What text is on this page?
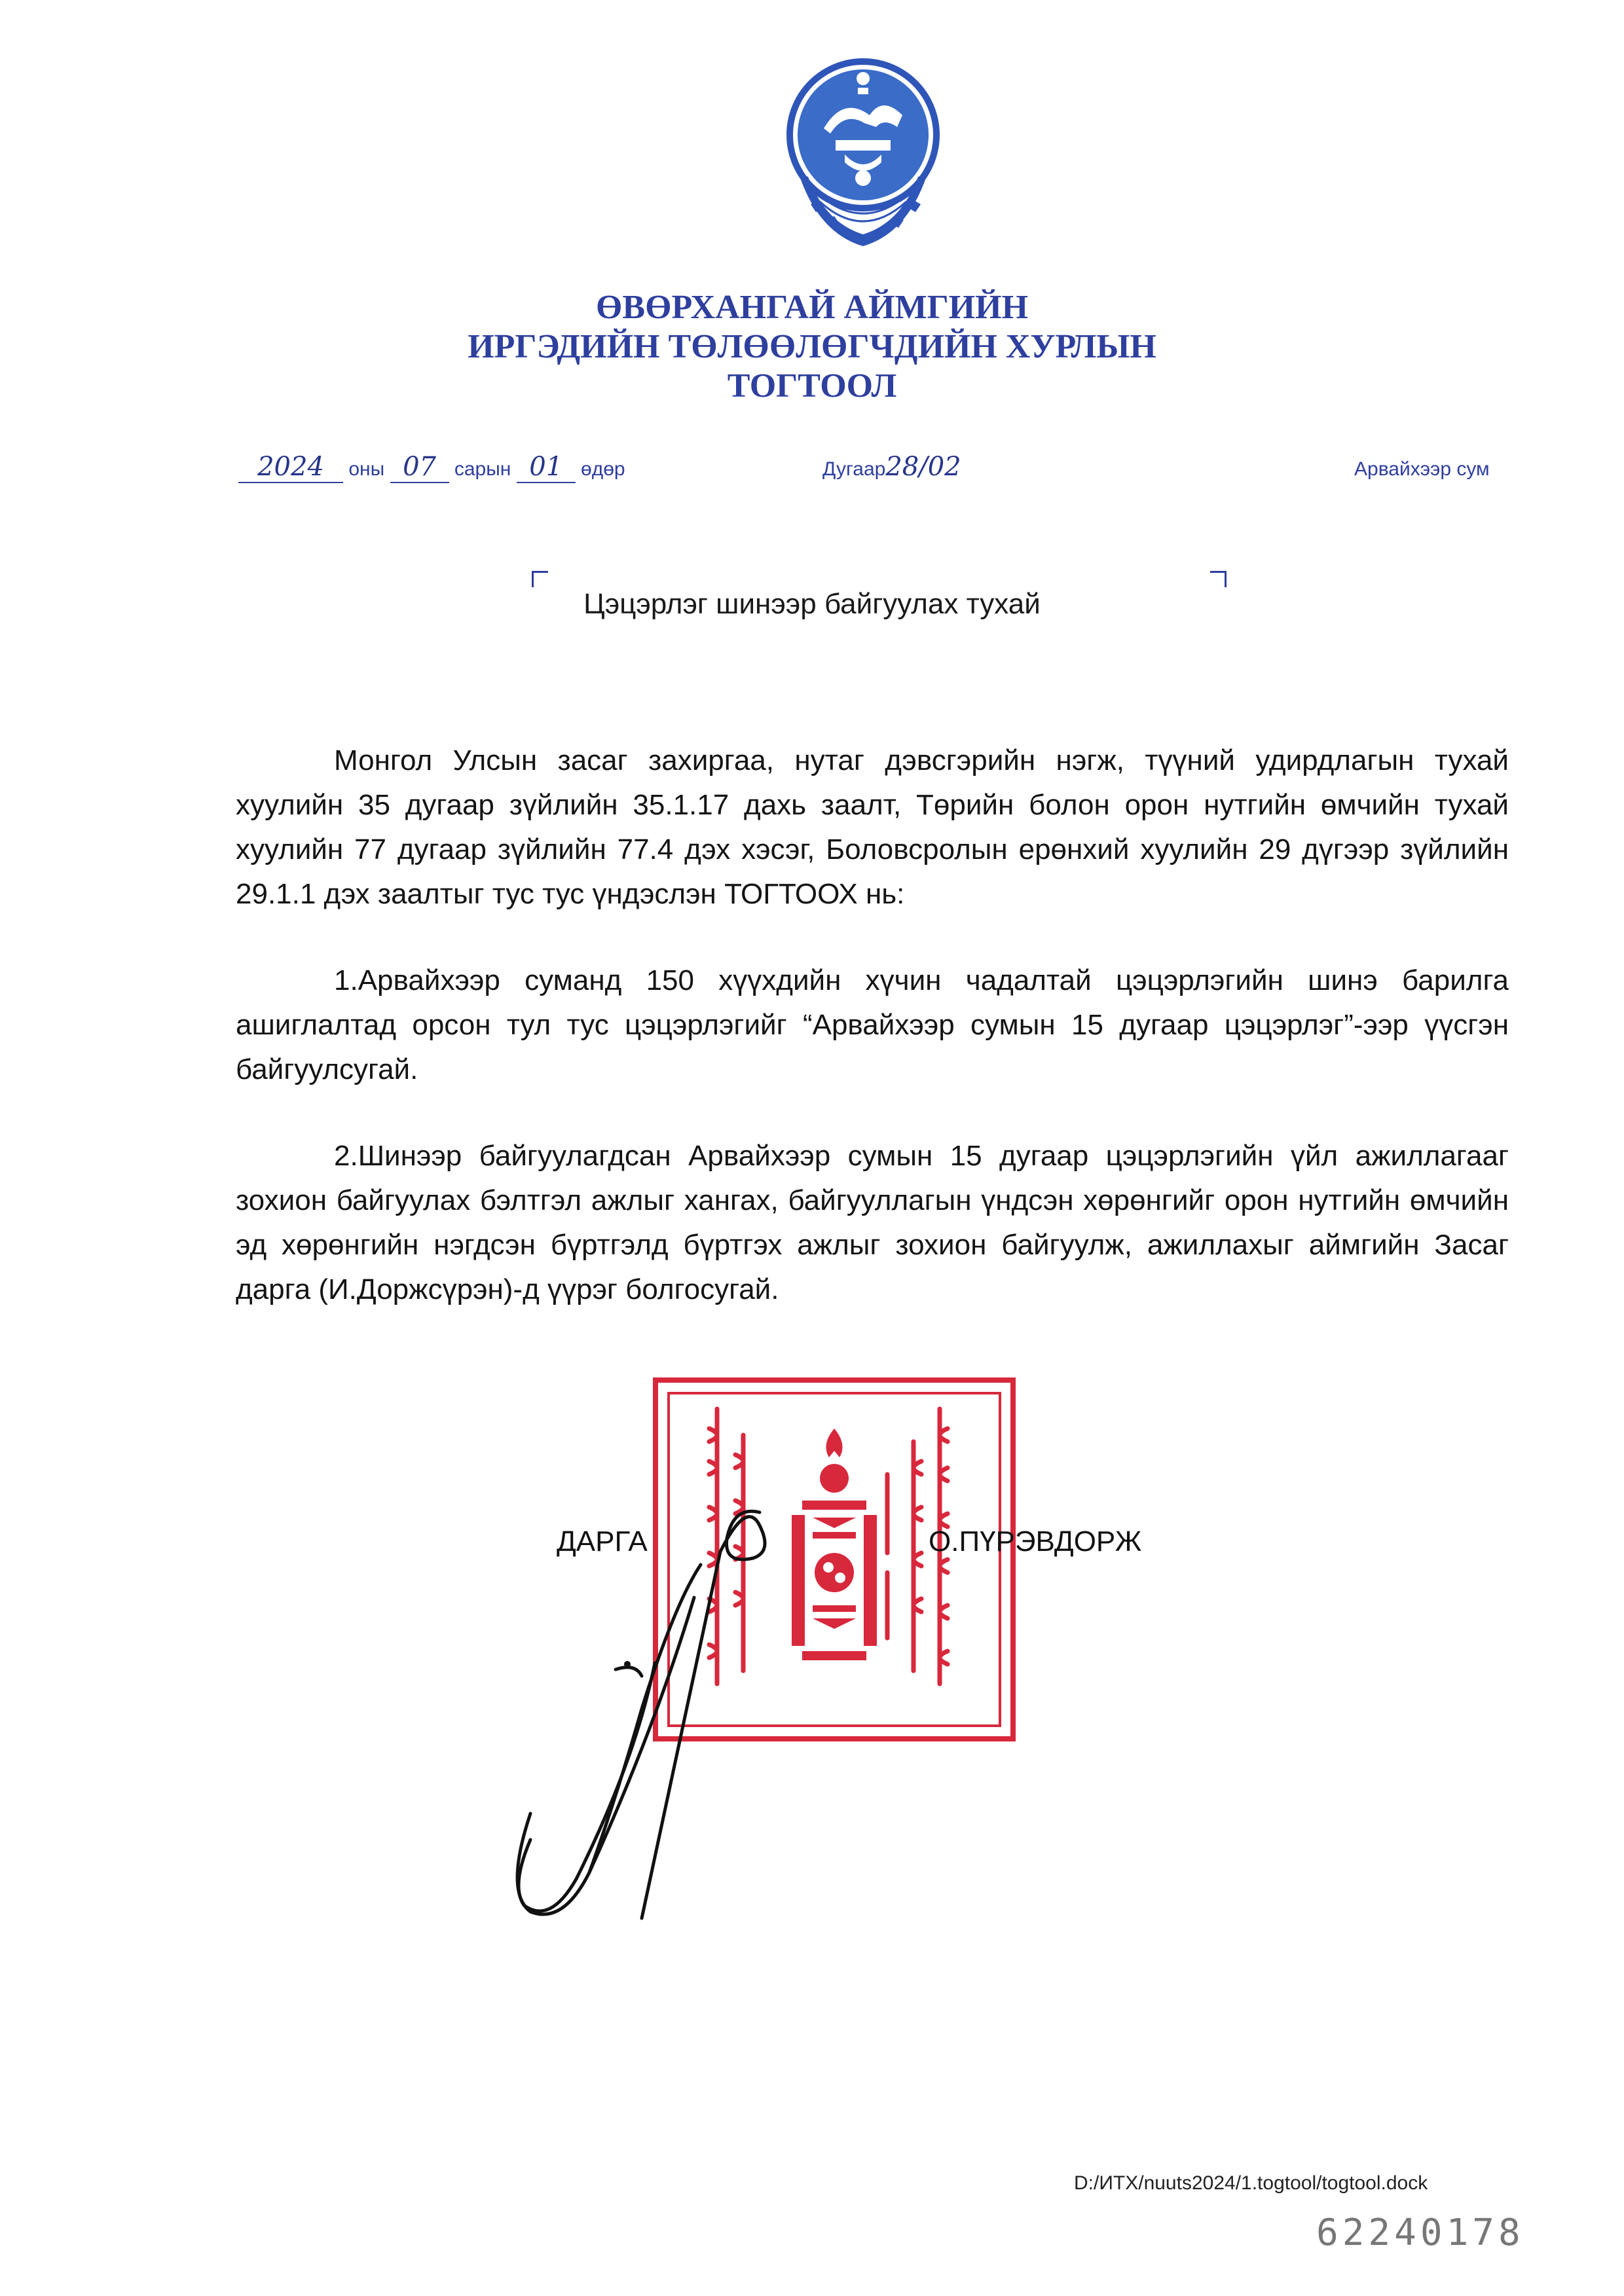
ӨВӨРХАНГАЙ АЙМГИЙН
ИРГЭДИЙН ТӨЛӨӨЛӨГЧДИЙН ХУРЛЫН
ТОГТООЛ
2024 оны 07 сарын 01 өдөр	Дугаар28/02	Арвайхээр сум
Цэцэрлэг шинээр байгуулах тухай

Монгол Улсын засаг захиргаа, нутаг дэвсгэрийн нэгж, түүний удирдлагын тухай хуулийн 35 дугаар зүйлийн 35.1.17 дахь заалт, Төрийн болон орон нутгийн өмчийн тухай хуулийн 77 дугаар зүйлийн 77.4 дэх хэсэг, Боловсролын ерөнхий хуулийн 29 дүгээр зүйлийн 29.1.1 дэх заалтыг тус тус үндэслэн ТОГТООХ нь:

1.Арвайхээр суманд 150 хүүхдийн хүчин чадалтай цэцэрлэгийн шинэ барилга ашиглалтад орсон тул тус цэцэрлэгийг “Арвайхээр сумын 15 дугаар цэцэрлэг”-ээр үүсгэн байгуулсугай.

2.Шинээр байгуулагдсан Арвайхээр сумын 15 дугаар цэцэрлэгийн үйл ажиллагааг зохион байгуулах бэлтгэл ажлыг хангах, байгууллагын үндсэн хөрөнгийг орон нутгийн өмчийн эд хөрөнгийн нэгдсэн бүртгэлд бүртгэх ажлыг зохион байгуулж, ажиллахыг аймгийн Засаг дарга (И.Доржсүрэн)-д үүрэг болгосугай.

ДАРГА	О.ПҮРЭВДОРЖ
D:/ИТХ/nuuts2024/1.togtool/togtool.dock
62240178
